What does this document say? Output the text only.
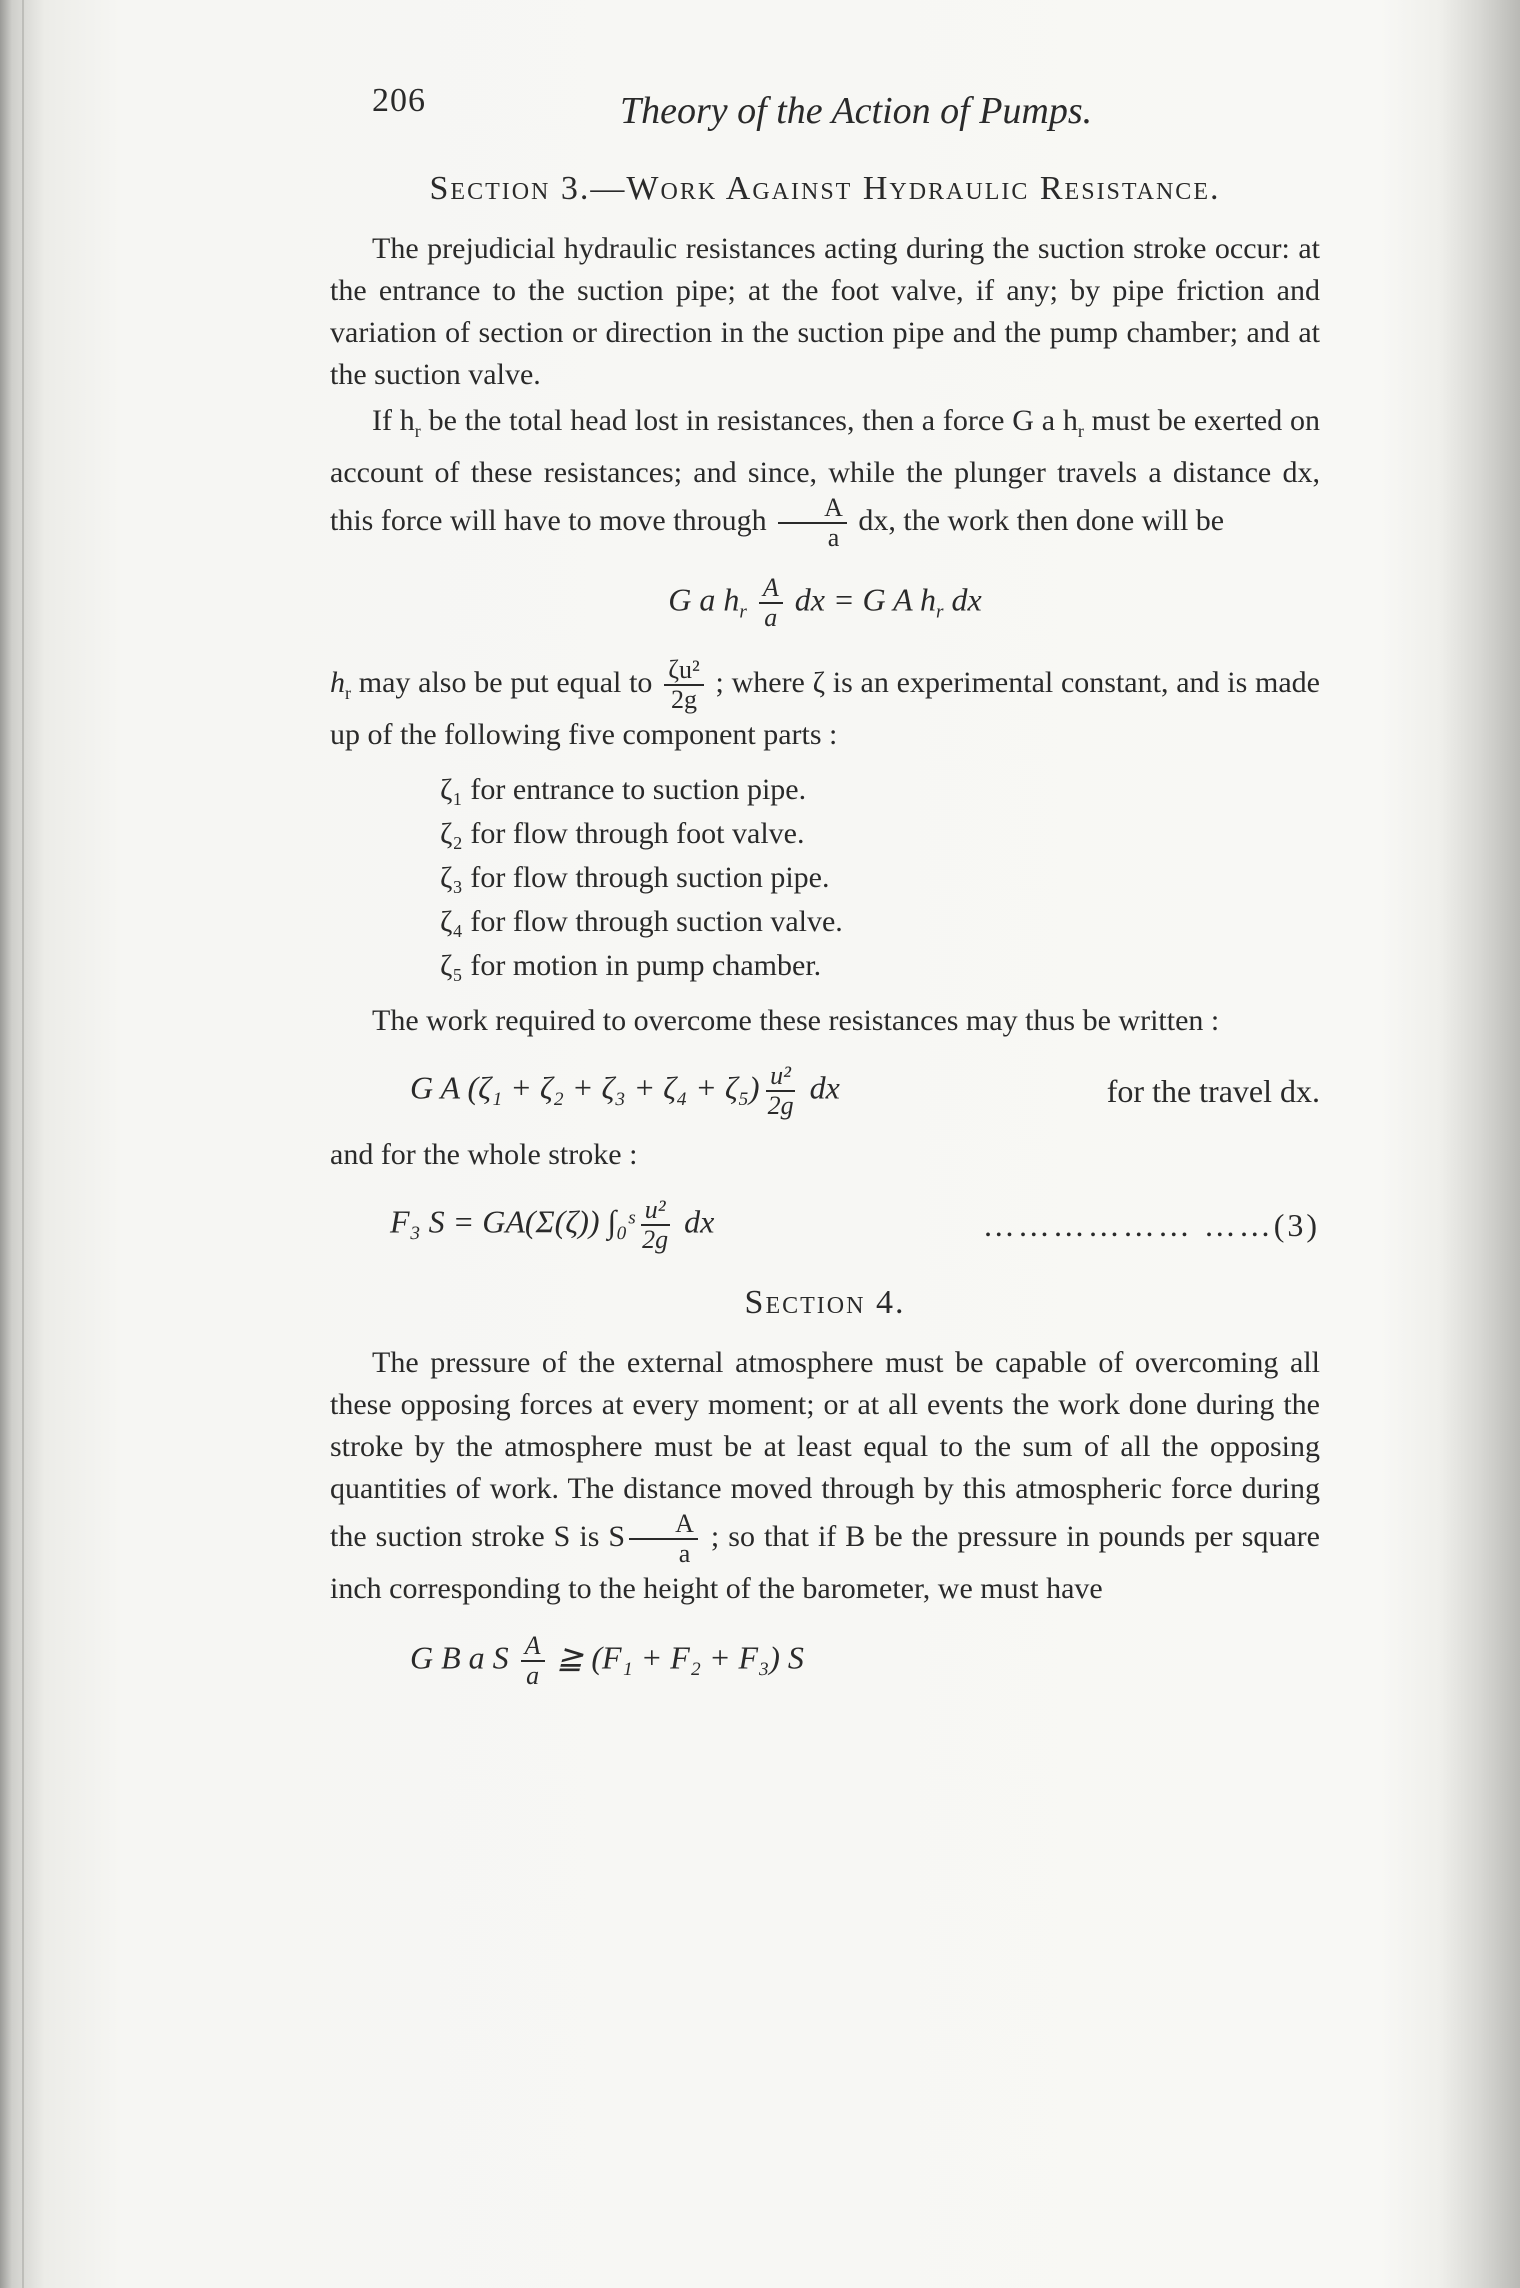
206	Theory of the Action of Pumps.
Section 3.—Work Against Hydraulic Resistance.

The prejudicial hydraulic resistances acting during the suction stroke occur: at the entrance to the suction pipe; at the foot valve, if any; by pipe friction and variation of section or direction in the suction pipe and the pump chamber; and at the suction valve.

If $h_r$ be the total head lost in resistances, then a force G a $h_r$ must be exerted on account of these resistances; and since, while the plunger travels a distance dx, this force will have to move through $\frac{A}{a}$ dx, the work then done will be

G a $h_r \frac{A}{a}$ dx = G A $h_r$ dx

$h_r$ may also be put equal to $\frac{\text{ζu²}}{2g}$ ; where ζ is an experimental constant, and is made up of the following five component parts :

ζ₁ for entrance to suction pipe.
ζ₂ for flow through foot valve.
ζ₃ for flow through suction pipe.
ζ₄ for flow through suction valve.
ζ₅ for motion in pump chamber.

The work required to overcome these resistances may thus be written :

G A $(\zeta_1 + \zeta_2 + \zeta_3 + \zeta_4 + \zeta_5) \frac{\text{u²}}{2g}$ dx	for the travel dx.

and for the whole stroke :

F₃ S = GA(Σ(ζ)) ∫₀ˢ $\frac{\text{u²}}{2g}$ dx	……………… ……(3)
Section 4.

The pressure of the external atmosphere must be capable of overcoming all these opposing forces at every moment; or at all events the work done during the stroke by the atmosphere must be at least equal to the sum of all the opposing quantities of work. The distance moved through by this atmospheric force during the suction stroke S is S $\frac{A}{a}$ ; so that if B be the pressure in pounds per square inch corresponding to the height of the barometer, we must have

G B a S $\frac{A}{a}$ ≧ (F₁ + F₂ + F₃) S
